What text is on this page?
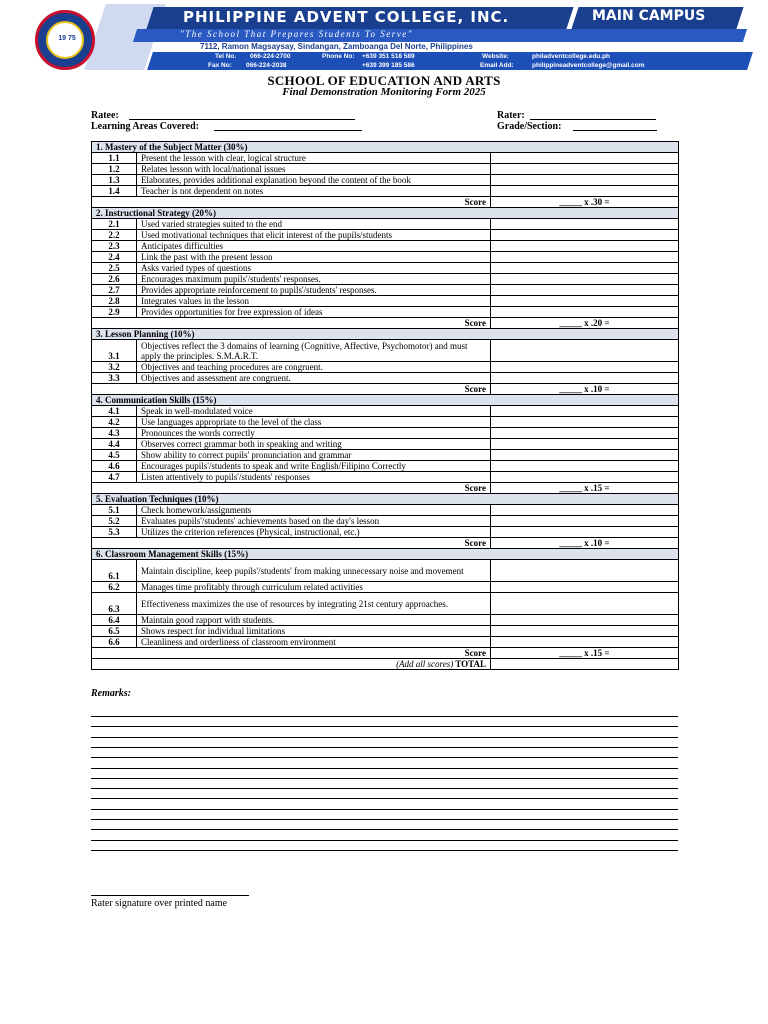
19 75
PHILIPPINE ADVENT COLLEGE, INC.	MAIN CAMPUS
"The School That Prepares Students To Serve"
7112, Ramon Magsaysay, Sindangan, Zamboanga Del Norte, Philippines
Tel No. 066-224-2700
Fax No: 066-224-2038
Phone No: +639 351 518 589
+639 399 185 586
Website:	philadventcollege.edu.ph
Email Add:	philippineadventcollege@gmail.com
SCHOOL OF EDUCATION AND ARTS
Final Demonstration Monitoring Form 2025
Ratee:
Learning Areas Covered:
Rater:
Grade/Section:
1. Mastery of the Subject Matter (30%)		
1.1	Present the lesson with clear, logical structure	
1.2	Relates lesson with local/national issues	
1.3	Elaborates, provides additional explanation beyond the content of the book	
1.4	Teacher is not dependent on notes	
Score		_____ x .30 =
2. Instructional Strategy (20%)		
2.1	Used varied strategies suited to the end	
2.2	Used motivational techniques that elicit interest of the pupils/students	
2.3	Anticipates difficulties	
2.4	Link the past with the present lesson	
2.5	Asks varied types of questions	
2.6	Encourages maximum pupils'/students' responses.	
2.7	Provides appropriate reinforcement to pupils'/students' responses.	
2.8	Integrates values in the lesson	
2.9	Provides opportunities for free expression of ideas	
Score		_____ x .20 =
3. Lesson Planning (10%)		
3.1	Objectives reflect the 3 domains of learning (Cognitive, Affective, Psychomotor) and must apply the principles. S.M.A.R.T.	
3.2	Objectives and teaching procedures are congruent.	
3.3	Objectives and assessment are congruent.	
Score		_____ x .10 =
4. Communication Skills (15%)		
4.1	Speak in well-modulated voice	
4.2	Use languages appropriate to the level of the class	
4.3	Pronounces the words correctly	
4.4	Observes correct grammar both in speaking and writing	
4.5	Show ability to correct pupils' pronunciation and grammar	
4.6	Encourages pupils'/students to speak and write English/Filipino Correctly	
4.7	Listen attentively to pupils'/students' responses	
Score		_____ x .15 =
5. Evaluation Techniques (10%)		
5.1	Check homework/assignments	
5.2	Evaluates pupils'/students' achievements based on the day's lesson	
5.3	Utilizes the criterion references (Physical, instructional, etc.)	
Score		_____ x .10 =
6. Classroom Management Skills (15%)		
6.1	Maintain discipline, keep pupils'/students' from making unnecessary noise and movement	
6.2	Manages time profitably through curriculum related activities	
6.3	Effectiveness maximizes the use of resources by integrating 21st century approaches.	
6.4	Maintain good rapport with students.	
6.5	Shows respect for individual limitations	
6.6	Cleanliness and orderliness of classroom environment	
Score		_____ x .15 =
(Add all scores) TOTAL		
Remarks:
Rater signature over printed name
